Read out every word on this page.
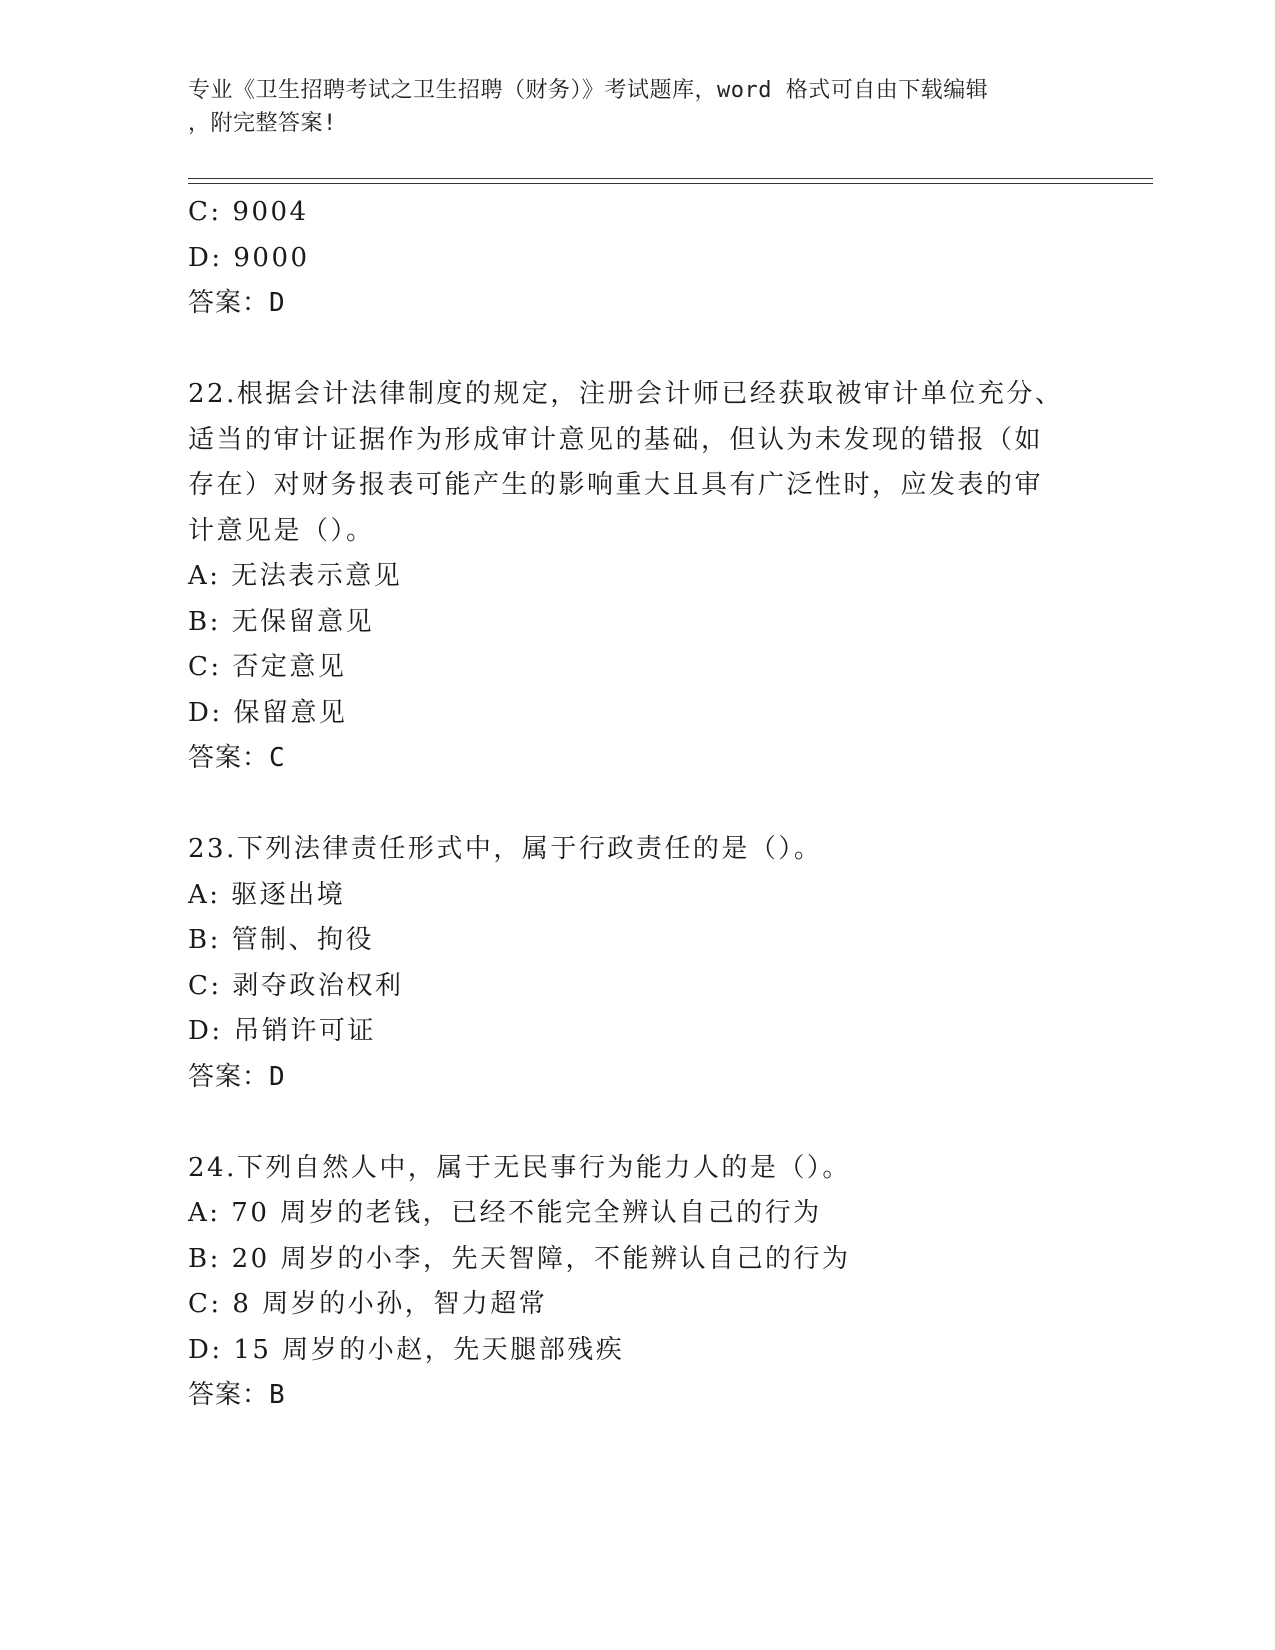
专业《卫生招聘考试之卫生招聘（财务）》考试题库，word 格式可自由下载编辑
，附完整答案!
C: 9004
D: 9000
答案：D
22.根据会计法律制度的规定，注册会计师已经获取被审计单位充分、
适当的审计证据作为形成审计意见的基础，但认为未发现的错报（如
存在）对财务报表可能产生的影响重大且具有广泛性时，应发表的审
计意见是（）。
A: 无法表示意见
B: 无保留意见
C: 否定意见
D: 保留意见
答案：C
23.下列法律责任形式中，属于行政责任的是（）。
A: 驱逐出境
B: 管制、拘役
C: 剥夺政治权利
D: 吊销许可证
答案：D
24.下列自然人中，属于无民事行为能力人的是（）。
A: 70 周岁的老钱，已经不能完全辨认自己的行为
B: 20 周岁的小李，先天智障，不能辨认自己的行为
C: 8 周岁的小孙，智力超常
D: 15 周岁的小赵，先天腿部残疾
答案：B
